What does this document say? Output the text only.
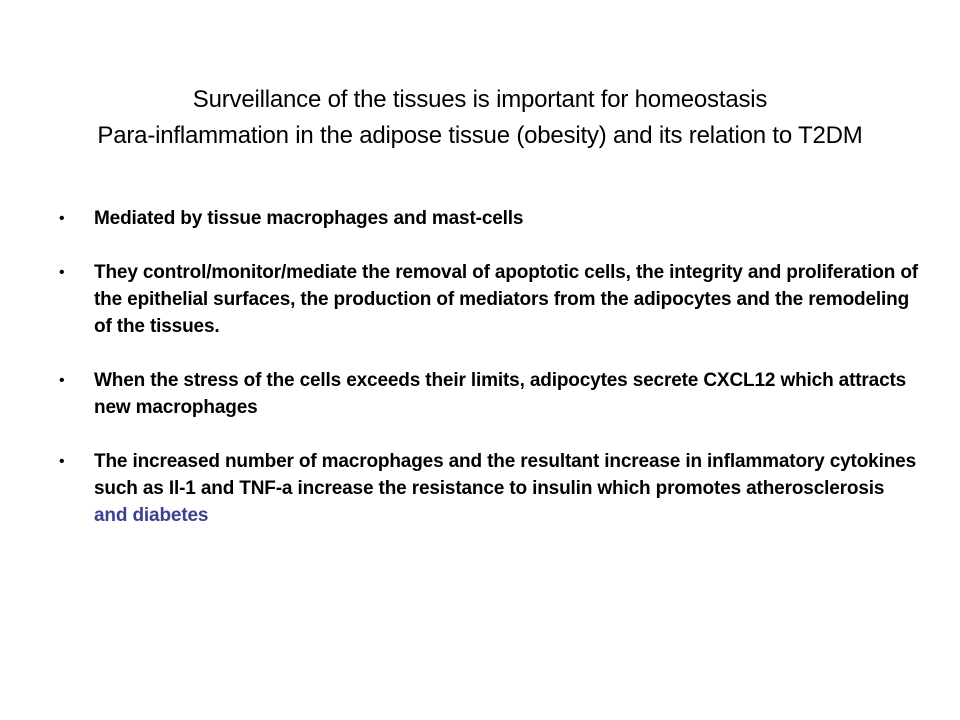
Surveillance of the tissues is important for homeostasis
Para-inflammation in the adipose tissue (obesity) and its relation to T2DM
• Mediated by tissue macrophages and mast-cells
• They control/monitor/mediate the removal of apoptotic cells, the integrity and proliferation of the epithelial surfaces, the production of mediators from the adipocytes and the remodeling of the tissues.
• When the stress of the cells exceeds their limits, adipocytes secrete CXCL12 which attracts new macrophages
• The increased number of macrophages and the resultant increase in inflammatory cytokines such as Il-1 and TNF-a increase the resistance to insulin which promotes atherosclerosis and diabetes
